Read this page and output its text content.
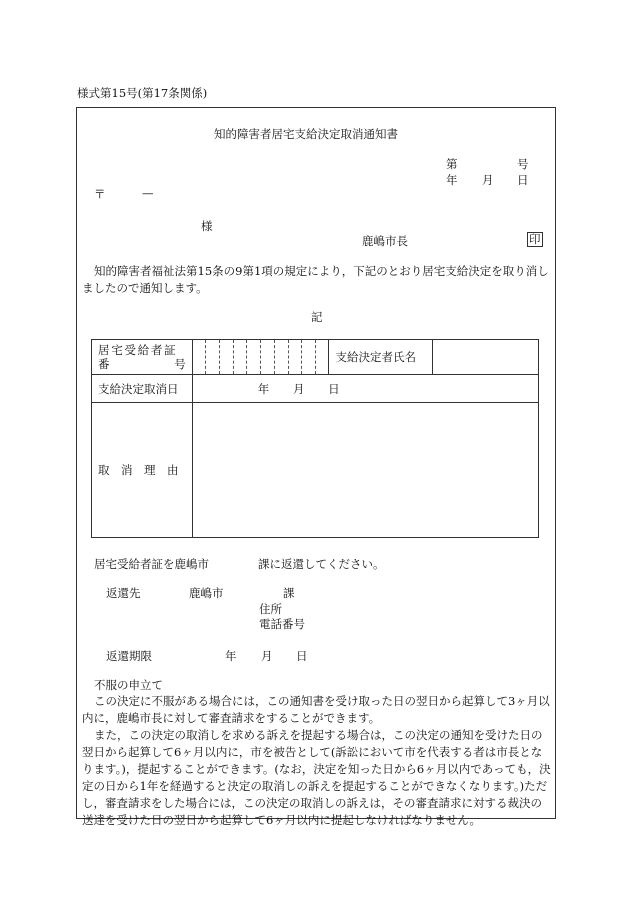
様式第15号(第17条関係)
知的障害者居宅支給決定取消通知書
第	号
年 月 日
〒	—
様
鹿嶋市長	印
知的障害者福祉法第15条の9第1項の規定により，下記のとおり居宅支給決定を取り消しましたので通知します。
記
居宅受給者証
番 号		支給決定者氏名	
支給決定取消日	年 月 日		
取　消　理　由			
居宅受給者証を鹿嶋市	課に返還してください。
返還先	鹿嶋市	課
住所
電話番号
返還期限	年 月 日
不服の申立て
この決定に不服がある場合には，この通知書を受け取った日の翌日から起算して3ヶ月以内に，鹿嶋市長に対して審査請求をすることができます。
また，この決定の取消しを求める訴えを提起する場合は，この決定の通知を受けた日の翌日から起算して6ヶ月以内に，市を被告として(訴訟において市を代表する者は市長となります。)，提起することができます。(なお，決定を知った日から6ヶ月以内であっても，決定の日から1年を経過すると決定の取消しの訴えを提起することができなくなります。)ただし，審査請求をした場合には，この決定の取消しの訴えは，その審査請求に対する裁決の送達を受けた日の翌日から起算して6ヶ月以内に提起しなければなりません。
